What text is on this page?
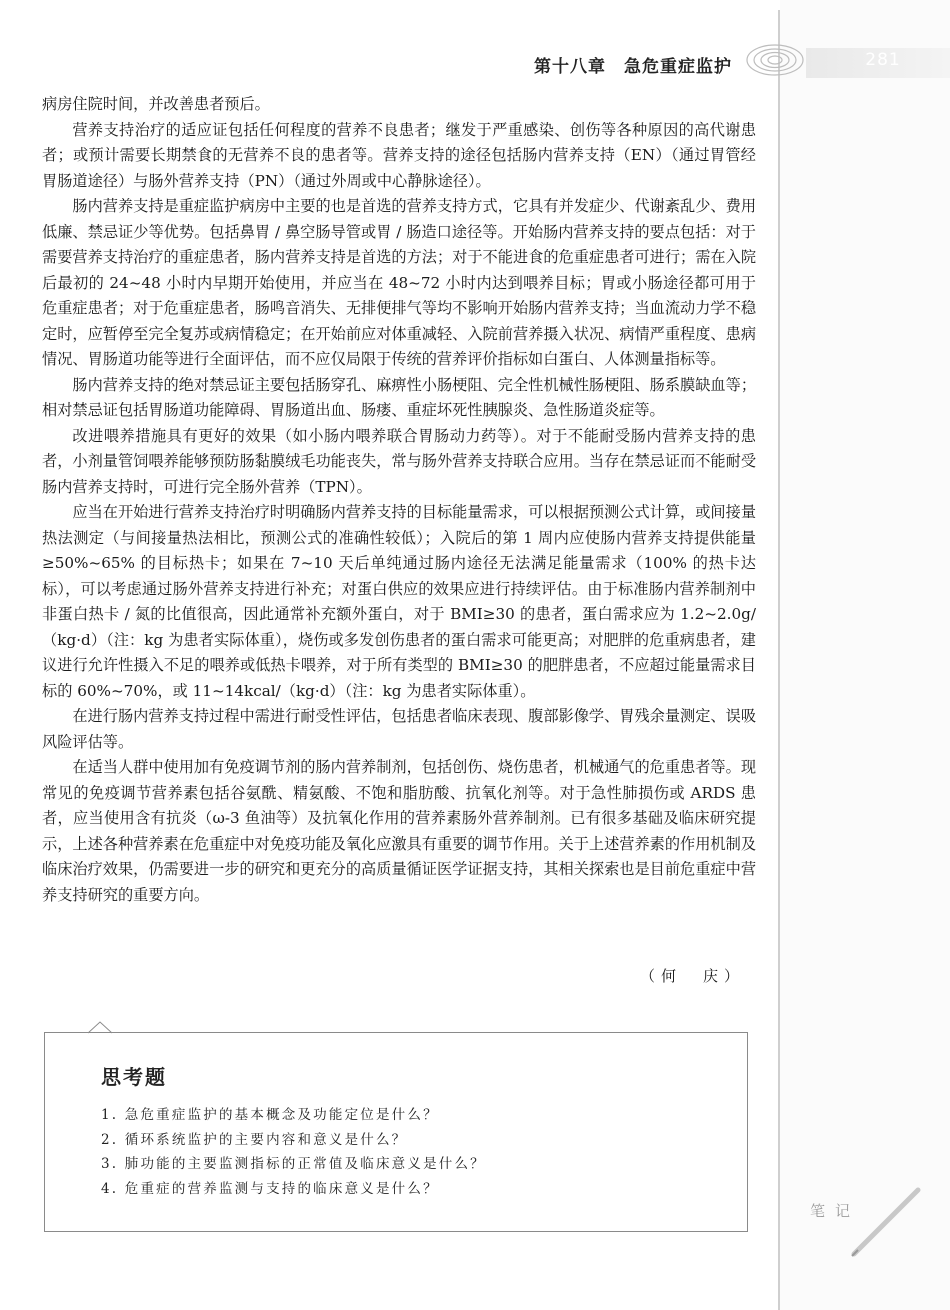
第十八章　急危重症监护	281

病房住院时间，并改善患者预后。

营养支持治疗的适应证包括任何程度的营养不良患者；继发于严重感染、创伤等各种原因的高代谢患者；或预计需要长期禁食的无营养不良的患者等。营养支持的途径包括肠内营养支持（EN）（通过胃管经胃肠道途径）与肠外营养支持（PN）（通过外周或中心静脉途径）。

肠内营养支持是重症监护病房中主要的也是首选的营养支持方式，它具有并发症少、代谢紊乱少、费用低廉、禁忌证少等优势。包括鼻胃 / 鼻空肠导管或胃 / 肠造口途径等。开始肠内营养支持的要点包括：对于需要营养支持治疗的重症患者，肠内营养支持是首选的方法；对于不能进食的危重症患者可进行；需在入院后最初的 24~48 小时内早期开始使用，并应当在 48~72 小时内达到喂养目标；胃或小肠途径都可用于危重症患者；对于危重症患者，肠鸣音消失、无排便排气等均不影响开始肠内营养支持；当血流动力学不稳定时，应暂停至完全复苏或病情稳定；在开始前应对体重减轻、入院前营养摄入状况、病情严重程度、患病情况、胃肠道功能等进行全面评估，而不应仅局限于传统的营养评价指标如白蛋白、人体测量指标等。

肠内营养支持的绝对禁忌证主要包括肠穿孔、麻痹性小肠梗阻、完全性机械性肠梗阻、肠系膜缺血等；相对禁忌证包括胃肠道功能障碍、胃肠道出血、肠瘘、重症坏死性胰腺炎、急性肠道炎症等。

改进喂养措施具有更好的效果（如小肠内喂养联合胃肠动力药等）。对于不能耐受肠内营养支持的患者，小剂量管饲喂养能够预防肠黏膜绒毛功能丧失，常与肠外营养支持联合应用。当存在禁忌证而不能耐受肠内营养支持时，可进行完全肠外营养（TPN）。

应当在开始进行营养支持治疗时明确肠内营养支持的目标能量需求，可以根据预测公式计算，或间接量热法测定（与间接量热法相比，预测公式的准确性较低）；入院后的第 1 周内应使肠内营养支持提供能量≥50%~65% 的目标热卡；如果在 7~10 天后单纯通过肠内途径无法满足能量需求（100% 的热卡达标），可以考虑通过肠外营养支持进行补充；对蛋白供应的效果应进行持续评估。由于标准肠内营养制剂中非蛋白热卡 / 氮的比值很高，因此通常补充额外蛋白，对于 BMI≥30 的患者，蛋白需求应为 1.2~2.0g/（kg·d）（注：kg 为患者实际体重），烧伤或多发创伤患者的蛋白需求可能更高；对肥胖的危重病患者，建议进行允许性摄入不足的喂养或低热卡喂养，对于所有类型的 BMI≥30 的肥胖患者，不应超过能量需求目标的 60%~70%，或 11~14kcal/（kg·d）（注：kg 为患者实际体重）。

在进行肠内营养支持过程中需进行耐受性评估，包括患者临床表现、腹部影像学、胃残余量测定、误吸风险评估等。

在适当人群中使用加有免疫调节剂的肠内营养制剂，包括创伤、烧伤患者，机械通气的危重患者等。现常见的免疫调节营养素包括谷氨酰、精氨酸、不饱和脂肪酸、抗氧化剂等。对于急性肺损伤或 ARDS 患者，应当使用含有抗炎（ω-3 鱼油等）及抗氧化作用的营养素肠外营养制剂。已有很多基础及临床研究提示，上述各种营养素在危重症中对免疫功能及氧化应激具有重要的调节作用。关于上述营养素的作用机制及临床治疗效果，仍需要进一步的研究和更充分的高质量循证医学证据支持，其相关探索也是目前危重症中营养支持研究的重要方向。

（何　庆）
思考题
1. 急危重症监护的基本概念及功能定位是什么？
2. 循环系统监护的主要内容和意义是什么？
3. 肺功能的主要监测指标的正常值及临床意义是什么？
4. 危重症的营养监测与支持的临床意义是什么？
笔记
